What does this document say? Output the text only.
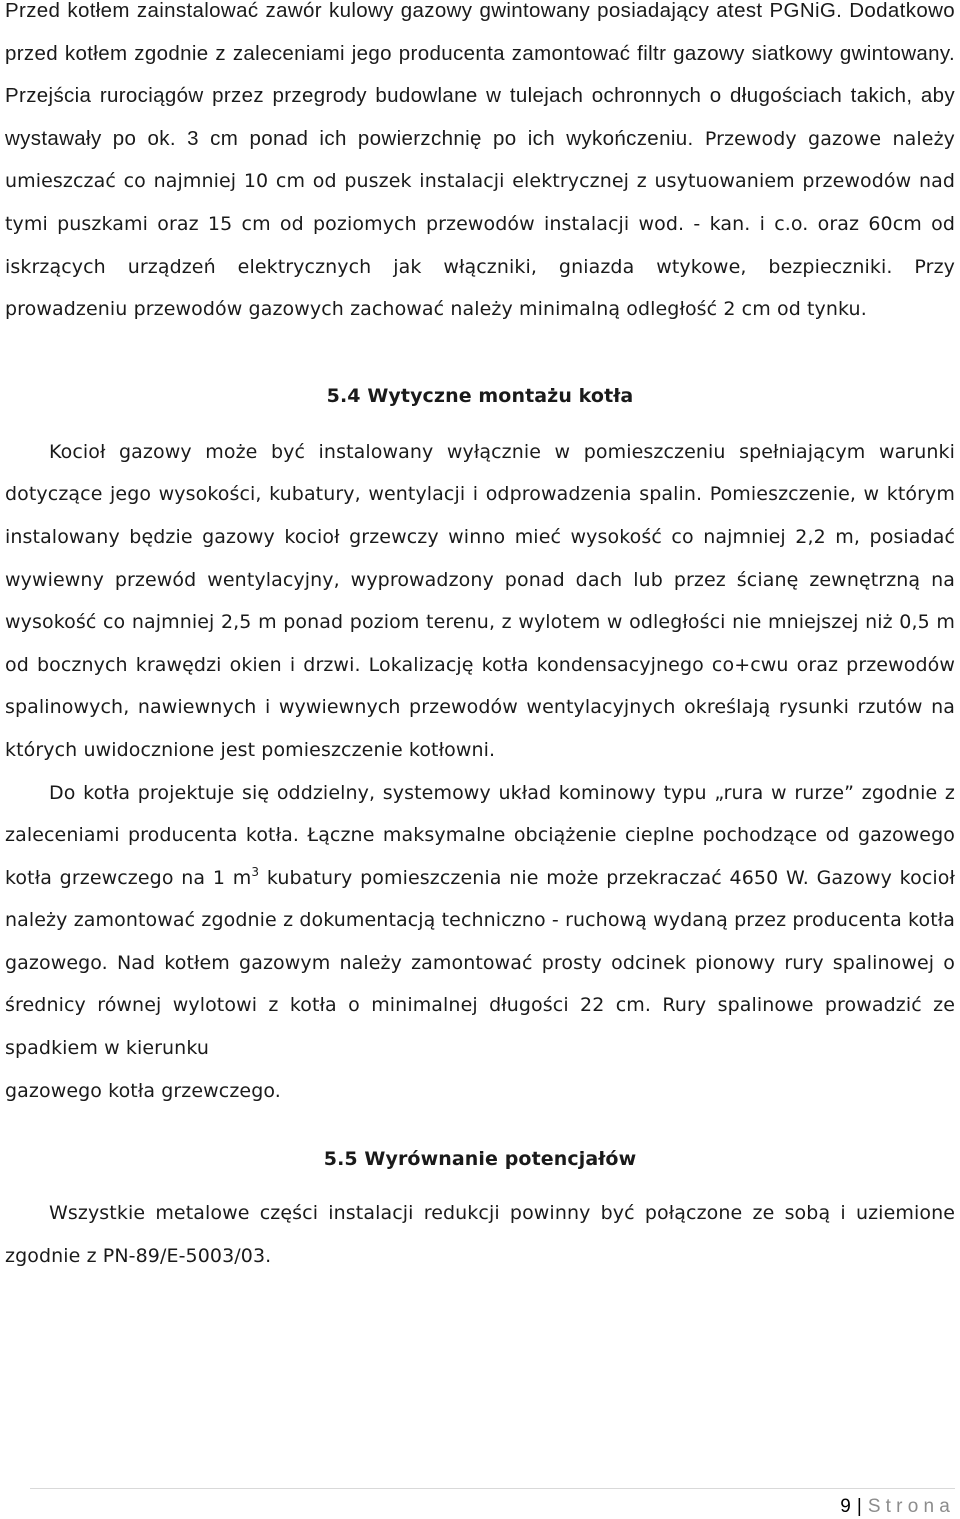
Przed kotłem zainstalować zawór kulowy gazowy gwintowany posiadający atest PGNiG. Dodatkowo przed kotłem zgodnie z zaleceniami jego producenta zamontować filtr gazowy siatkowy gwintowany. Przejścia rurociągów przez przegrody budowlane w tulejach ochronnych o długościach takich, aby wystawały po ok. 3 cm ponad ich powierzchnię po ich wykończeniu. Przewody gazowe należy umieszczać co najmniej 10 cm od puszek instalacji elektrycznej z usytuowaniem przewodów nad tymi puszkami oraz 15 cm od poziomych przewodów instalacji wod. - kan. i c.o. oraz 60cm od iskrzących urządzeń elektrycznych jak włączniki, gniazda wtykowe, bezpieczniki. Przy prowadzeniu przewodów gazowych zachować należy minimalną odległość 2 cm od tynku.

5.4 Wytyczne montażu kotła

Kocioł gazowy może być instalowany wyłącznie w pomieszczeniu spełniającym warunki dotyczące jego wysokości, kubatury, wentylacji i odprowadzenia spalin. Pomieszczenie, w którym instalowany będzie gazowy kocioł grzewczy winno mieć wysokość co najmniej 2,2 m, posiadać wywiewny przewód wentylacyjny, wyprowadzony ponad dach lub przez ścianę zewnętrzną na wysokość co najmniej 2,5 m ponad poziom terenu, z wylotem w odległości nie mniejszej niż 0,5 m od bocznych krawędzi okien i drzwi. Lokalizację kotła kondensacyjnego co+cwu oraz przewodów spalinowych, nawiewnych i wywiewnych przewodów wentylacyjnych określają rysunki rzutów na których uwidocznione jest pomieszczenie kotłowni.

Do kotła projektuje się oddzielny, systemowy układ kominowy typu „rura w rurze” zgodnie z zaleceniami producenta kotła. Łączne maksymalne obciążenie cieplne pochodzące od gazowego kotła grzewczego na 1 $m^3$ kubatury pomieszczenia nie może przekraczać 4650 W. Gazowy kocioł należy zamontować zgodnie z dokumentacją techniczno - ruchową wydaną przez producenta kotła gazowego. Nad kotłem gazowym należy zamontować prosty odcinek pionowy rury spalinowej o średnicy równej wylotowi z kotła o minimalnej długości 22 cm. Rury spalinowe prowadzić ze spadkiem w kierunku

gazowego kotła grzewczego.

5.5 Wyrównanie potencjałów

Wszystkie metalowe części instalacji redukcji powinny być połączone ze sobą i uziemione zgodnie z PN-89/E-5003/03.

9 | Strona
